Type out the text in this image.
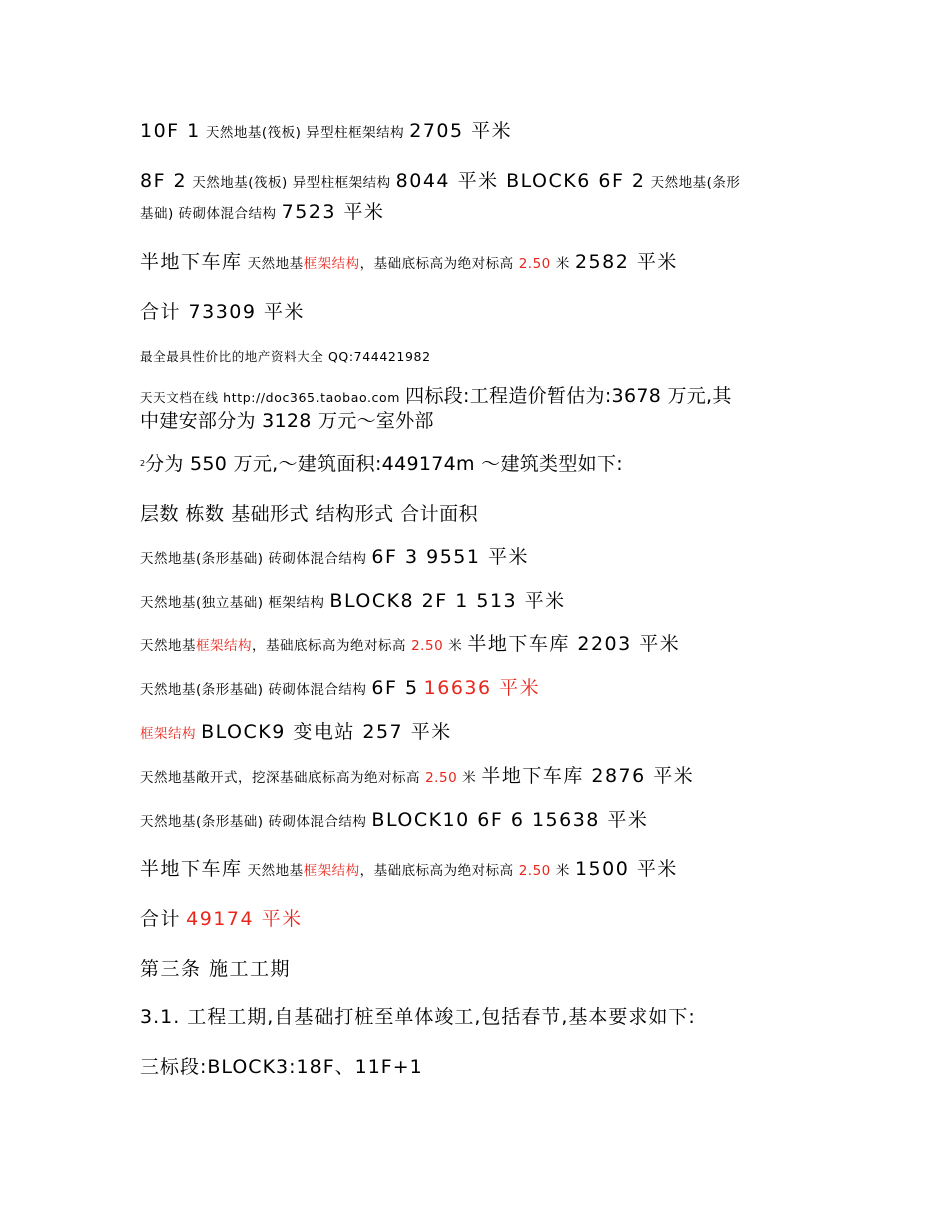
10F 1 天然地基(筏板) 异型柱框架结构 2705 平米
8F 2 天然地基(筏板) 异型柱框架结构 8044 平米 BLOCK6 6F 2 天然地基(条形
基础) 砖砌体混合结构 7523 平米
半地下车库 天然地基框架结构，基础底标高为绝对标高 2.50 米 2582 平米
合计 73309 平米
最全最具性价比的地产资料大全 QQ:744421982
天天文档在线 http://doc365.taobao.com 四标段:工程造价暂估为:3678 万元,其
中建安部分为 3128 万元～室外部
$^2$分为 550 万元,～建筑面积:449174m ～建筑类型如下:
层数 栋数 基础形式 结构形式 合计面积
天然地基(条形基础) 砖砌体混合结构 6F 3 9551 平米
天然地基(独立基础) 框架结构 BLOCK8 2F 1 513 平米
天然地基框架结构，基础底标高为绝对标高 2.50 米 半地下车库 2203 平米
天然地基(条形基础) 砖砌体混合结构 6F 5 16636 平米
框架结构 BLOCK9 变电站 257 平米
天然地基敞开式，挖深基础底标高为绝对标高 2.50 米 半地下车库 2876 平米
天然地基(条形基础) 砖砌体混合结构 BLOCK10 6F 6 15638 平米
半地下车库 天然地基框架结构，基础底标高为绝对标高 2.50 米 1500 平米
合计 49174 平米
第三条 施工工期
3.1. 工程工期,自基础打桩至单体竣工,包括春节,基本要求如下:
三标段:BLOCK3:18F、11F+1
